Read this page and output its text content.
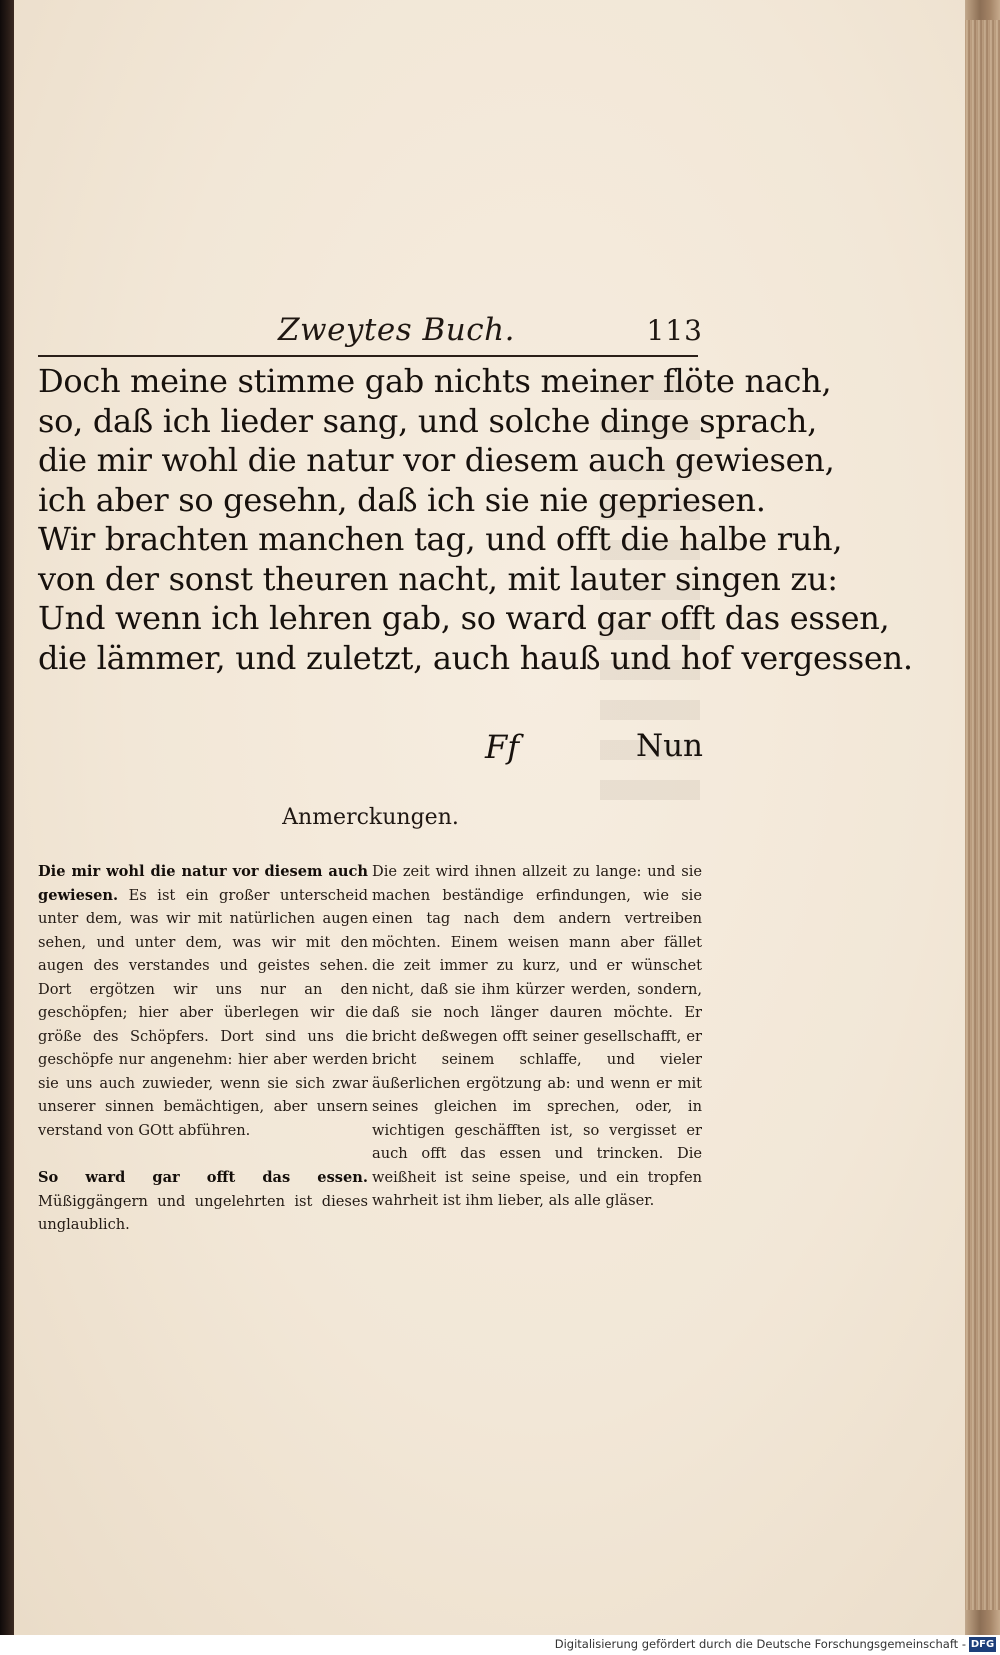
Zweytes Buch.	113
Doch meine stimme gab nichts meiner flöte nach,
so, daß ich lieder sang, und solche dinge sprach,
die mir wohl die natur vor diesem auch gewiesen,
ich aber so gesehn, daß ich sie nie gepriesen.
Wir brachten manchen tag, und offt die halbe ruh,
von der sonst theuren nacht, mit lauter singen zu:
Und wenn ich lehren gab, so ward gar offt das essen,
die lämmer, und zuletzt, auch hauß und hof vergessen.
Ff	Nun
Anmerckungen.

Die mir wohl die natur vor diesem auch gewiesen. Es ist ein großer unterscheid unter dem, was wir mit natürlichen augen sehen, und unter dem, was wir mit den augen des verstandes und geistes sehen. Dort ergötzen wir uns nur an den geschöpfen; hier aber überlegen wir die größe des Schöpfers. Dort sind uns die geschöpfe nur angenehm: hier aber werden sie uns auch zuwieder, wenn sie sich zwar unserer sinnen bemächtigen, aber unsern verstand von GOtt abführen.

So ward gar offt das essen. Müßiggängern und ungelehrten ist dieses unglaublich.

Die zeit wird ihnen allzeit zu lange: und sie machen beständige erfindungen, wie sie einen tag nach dem andern vertreiben möchten. Einem weisen mann aber fället die zeit immer zu kurz, und er wünschet nicht, daß sie ihm kürzer werden, sondern, daß sie noch länger dauren möchte. Er bricht deßwegen offt seiner gesellschafft, er bricht seinem schlaffe, und vieler äußerlichen ergötzung ab: und wenn er mit seines gleichen im sprechen, oder, in wichtigen geschäfften ist, so vergisset er auch offt das essen und trincken. Die weißheit ist seine speise, und ein tropfen wahrheit ist ihm lieber, als alle gläser.

Digitalisierung gefördert durch die Deutsche Forschungsgemeinschaft - DFG
